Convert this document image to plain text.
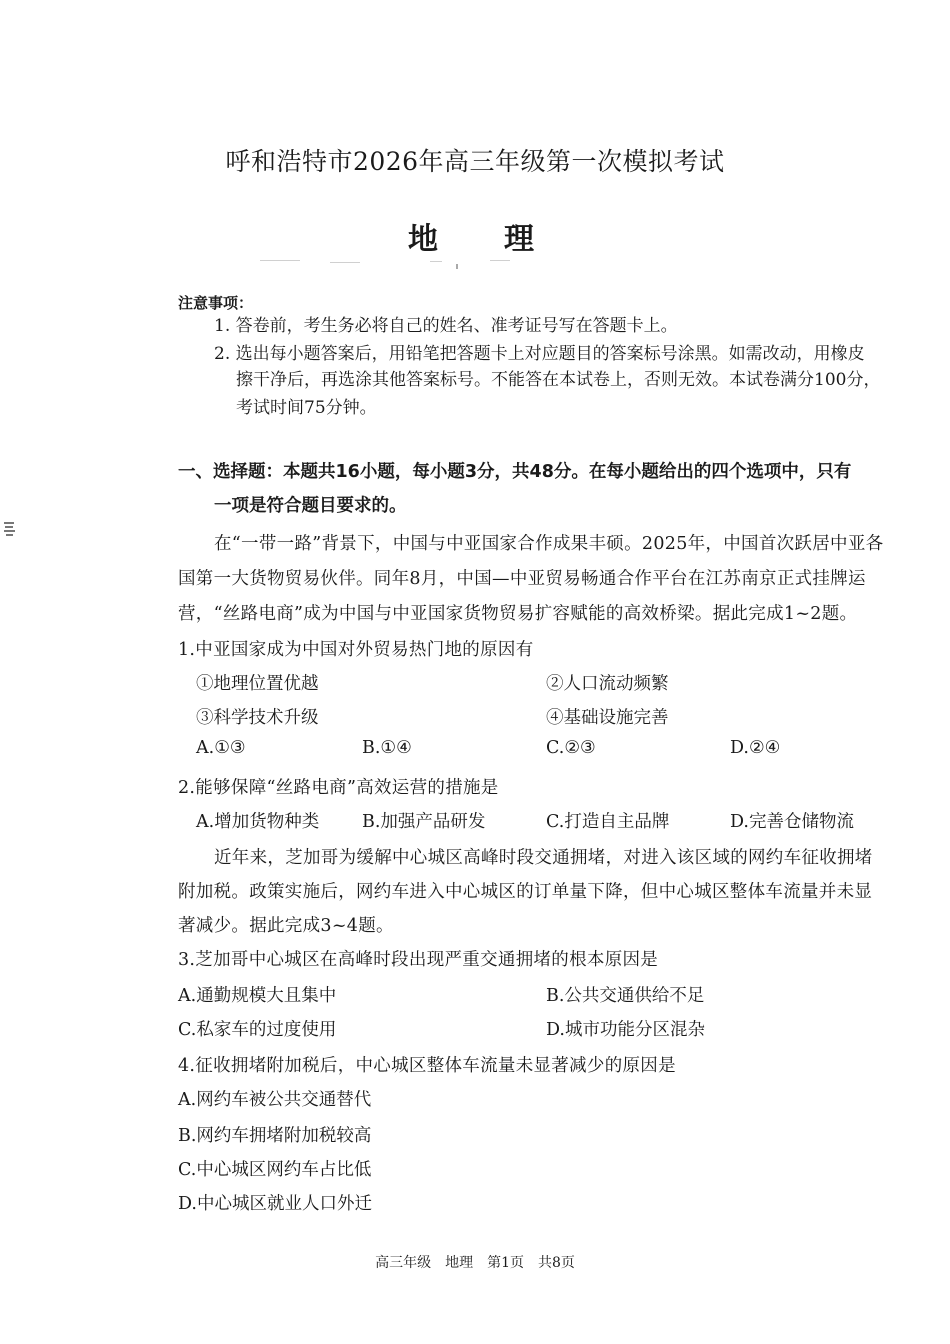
呼和浩特市2026年高三年级第一次模拟考试
地　理
注意事项：
1. 答卷前，考生务必将自己的姓名、准考证号写在答题卡上。
2. 选出每小题答案后，用铅笔把答题卡上对应题目的答案标号涂黑。如需改动，用橡皮
擦干净后，再选涂其他答案标号。不能答在本试卷上，否则无效。本试卷满分100分，
考试时间75分钟。
一、选择题：本题共16小题，每小题3分，共48分。在每小题给出的四个选项中，只有
一项是符合题目要求的。
在“一带一路”背景下，中国与中亚国家合作成果丰硕。2025年，中国首次跃居中亚各
国第一大货物贸易伙伴。同年8月，中国—中亚贸易畅通合作平台在江苏南京正式挂牌运
营，“丝路电商”成为中国与中亚国家货物贸易扩容赋能的高效桥梁。据此完成1~2题。
1.中亚国家成为中国对外贸易热门地的原因有
①地理位置优越	②人口流动频繁
③科学技术升级	④基础设施完善
A.①③	B.①④	C.②③	D.②④
2.能够保障“丝路电商”高效运营的措施是
A.增加货物种类 B.加强产品研发	C.打造自主品牌	D.完善仓储物流
近年来，芝加哥为缓解中心城区高峰时段交通拥堵，对进入该区域的网约车征收拥堵
附加税。政策实施后，网约车进入中心城区的订单量下降，但中心城区整体车流量并未显
著减少。据此完成3~4题。
3.芝加哥中心城区在高峰时段出现严重交通拥堵的根本原因是
A.通勤规模大且集中	B.公共交通供给不足
C.私家车的过度使用	D.城市功能分区混杂
4.征收拥堵附加税后，中心城区整体车流量未显著减少的原因是
A.网约车被公共交通替代
B.网约车拥堵附加税较高
C.中心城区网约车占比低
D.中心城区就业人口外迁
高三年级　地理　第1页　共8页
